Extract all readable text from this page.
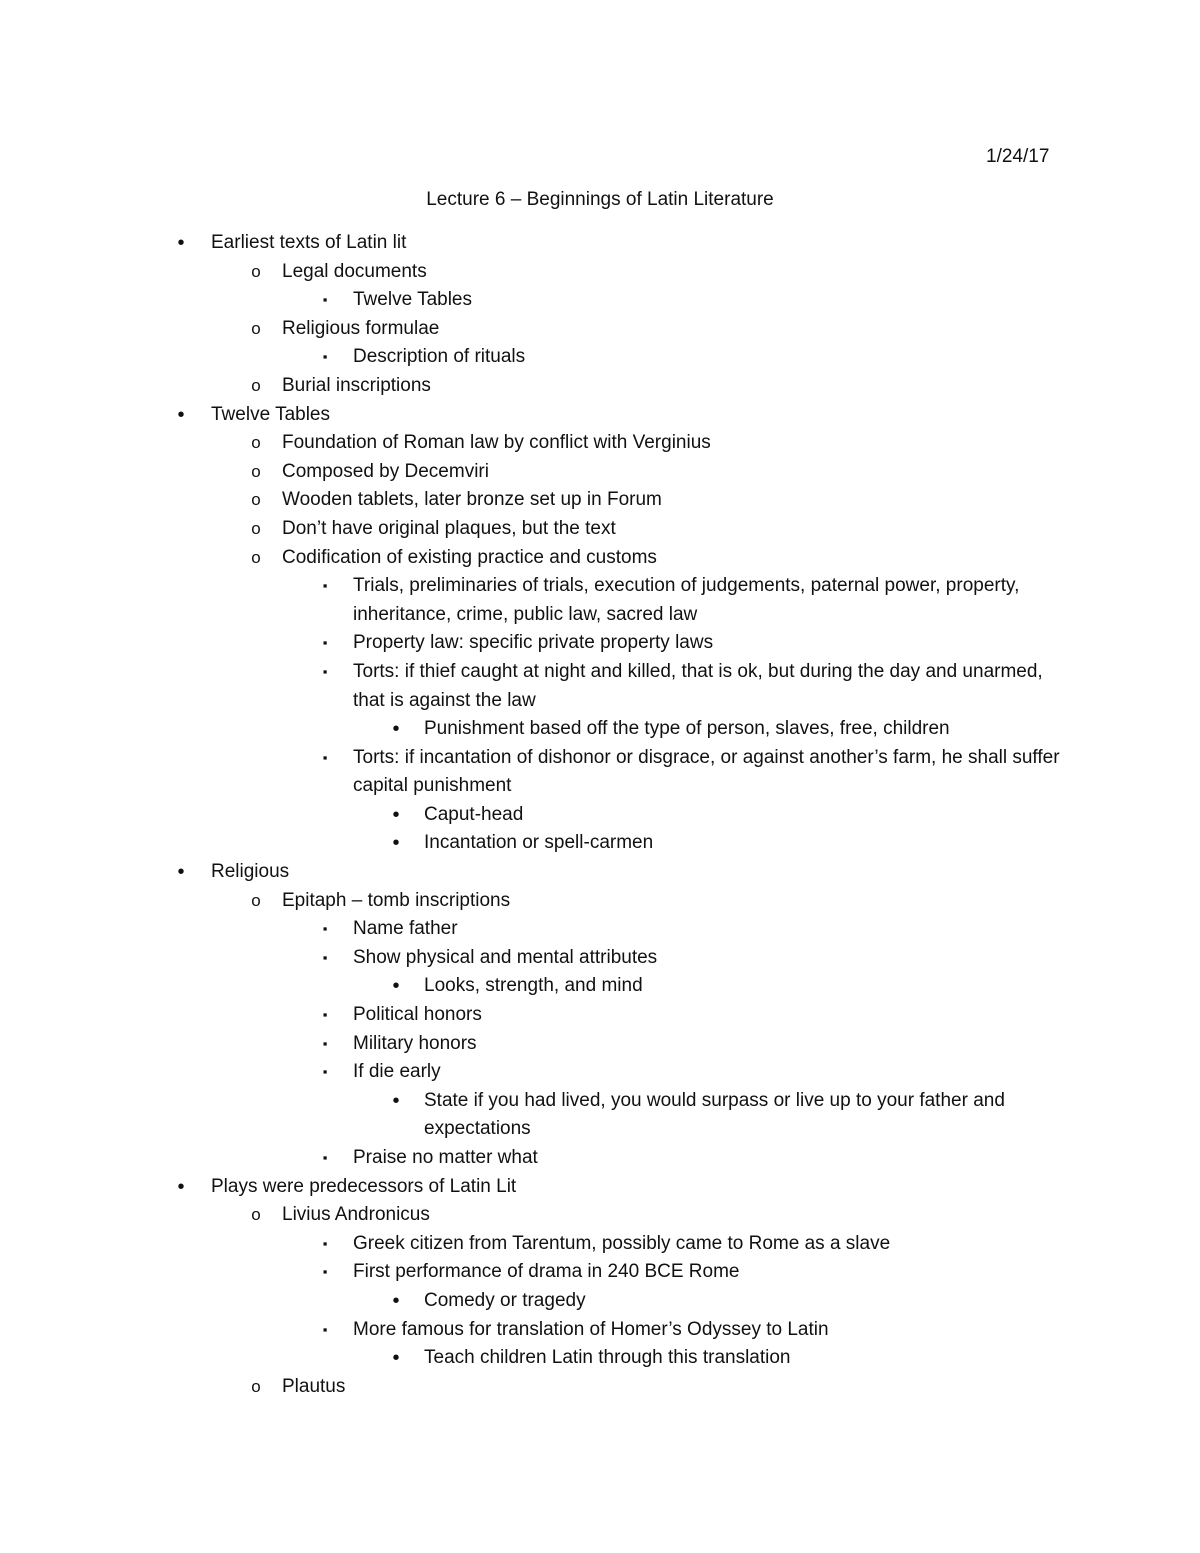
1/24/17
Lecture 6 – Beginnings of Latin Literature
•	Earliest texts of Latin lit
o Legal documents
▪	Twelve Tables
o Religious formulae
▪	Description of rituals
o Burial inscriptions
•	Twelve Tables
o Foundation of Roman law by conflict with Verginius
o Composed by Decemviri
o Wooden tablets, later bronze set up in Forum
o Don’t have original plaques, but the text
o Codification of existing practice and customs
▪	Trials, preliminaries of trials, execution of judgements, paternal power, property, inheritance, crime, public law, sacred law
▪	Property law: specific private property laws
▪	Torts: if thief caught at night and killed, that is ok, but during the day and unarmed, that is against the law
•	Punishment based off the type of person, slaves, free, children
▪	Torts: if incantation of dishonor or disgrace, or against another’s farm, he shall suffer capital punishment
•	Caput-head
•	Incantation or spell-carmen
•	Religious
o Epitaph – tomb inscriptions
▪	Name father
▪	Show physical and mental attributes
•	Looks, strength, and mind
▪	Political honors
▪	Military honors
▪	If die early
•	State if you had lived, you would surpass or live up to your father and expectations
▪	Praise no matter what
•	Plays were predecessors of Latin Lit
o Livius Andronicus
▪	Greek citizen from Tarentum, possibly came to Rome as a slave
▪	First performance of drama in 240 BCE Rome
•	Comedy or tragedy
▪	More famous for translation of Homer’s Odyssey to Latin
•	Teach children Latin through this translation
o Plautus
